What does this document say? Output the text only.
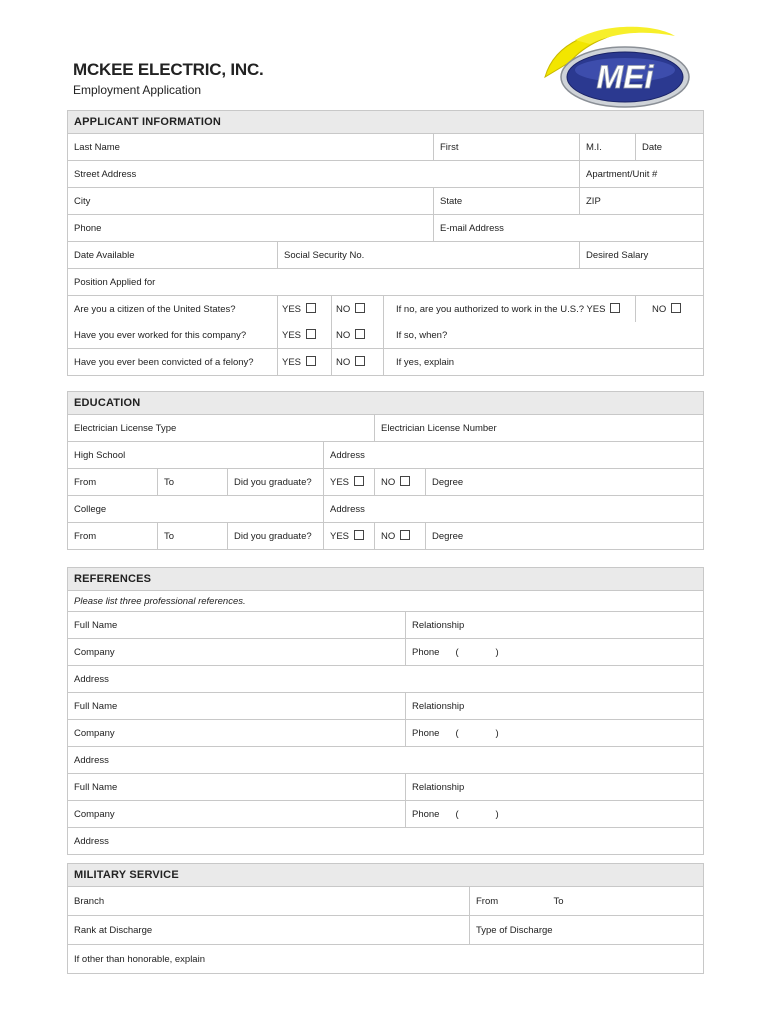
MCKEE ELECTRIC, INC.
Employment Application	MEi
APPLICANT INFORMATION						
Last Name				First	M.I.	Date
Street Address					Apartment/Unit #	
City				State	ZIP	
Phone				E-mail Address		
Date Available	Social Security No.				Desired Salary	
Position Applied for						
Are you a citizen of the United States?	YES	NO	If no, are you authorized to work in the U.S.? YES			NO
Have you ever worked for this company?	YES	NO	If so, when?			
Have you ever been convicted of a felony?	YES	NO	If yes, explain			
EDUCATION					
Electrician License Type				Electrician License Number	
High School			Address		
From	To	Did you graduate?	YES	NO	Degree
College			Address		
From	To	Did you graduate?	YES	NO	Degree
REFERENCES			
Please list three professional references.			
Full Name	Relationship		
Company	Phone	(	)
Address			
Full Name	Relationship		
Company	Phone	(	)
Address			
Full Name	Relationship		
Company	Phone	(	)
Address			
MILITARY SERVICE		
Branch	From	To
Rank at Discharge	Type of Discharge	
If other than honorable, explain		
